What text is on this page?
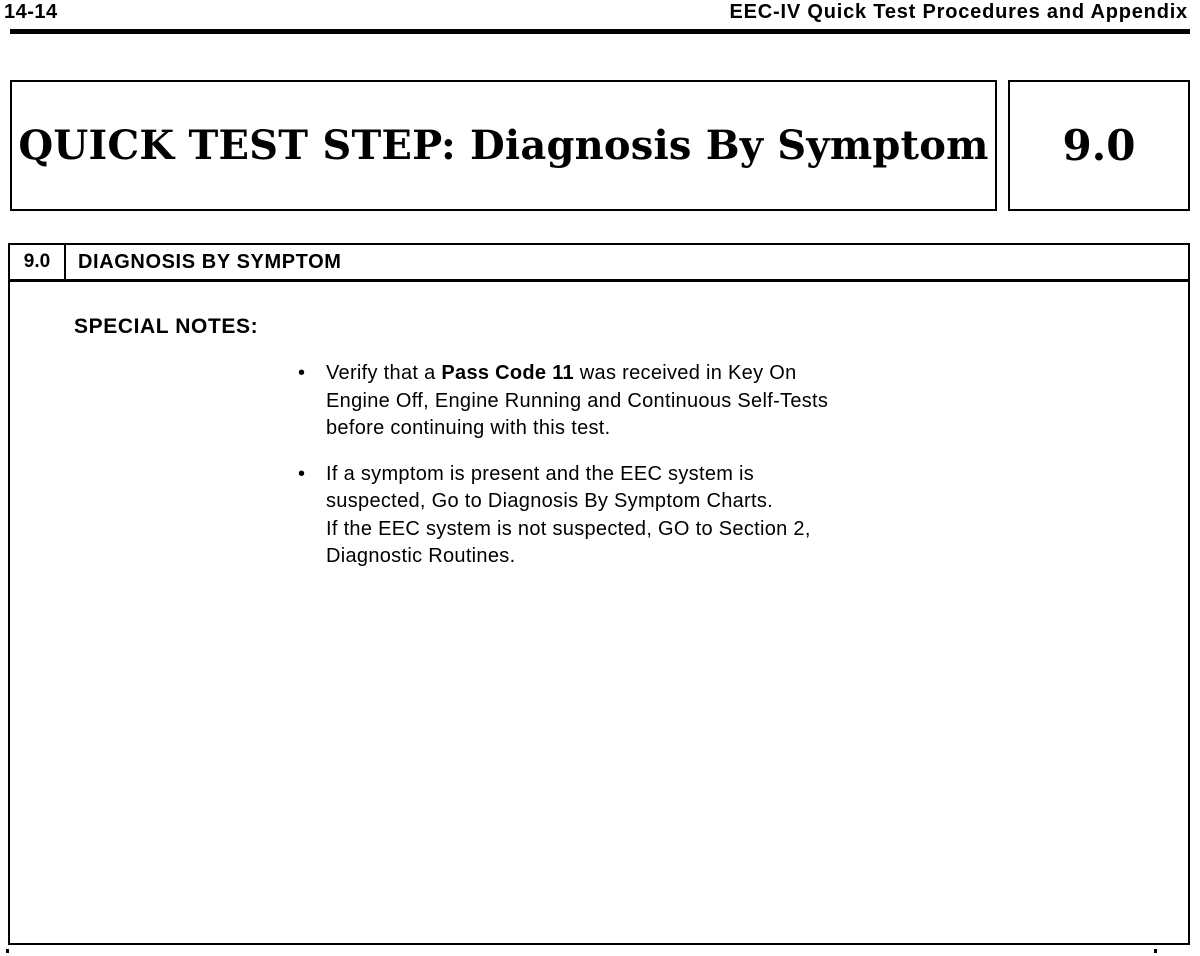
14-14	EEC-IV Quick Test Procedures and Appendix
QUICK TEST STEP: Diagnosis By Symptom 9.0
9.0	DIAGNOSIS BY SYMPTOM
SPECIAL NOTES:
• Verify that a Pass Code 11 was received in Key On
Engine Off, Engine Running and Continuous Self-Tests
before continuing with this test.
• If a symptom is present and the EEC system is
suspected, Go to Diagnosis By Symptom Charts.
If the EEC system is not suspected, GO to Section 2,
Diagnostic Routines.
